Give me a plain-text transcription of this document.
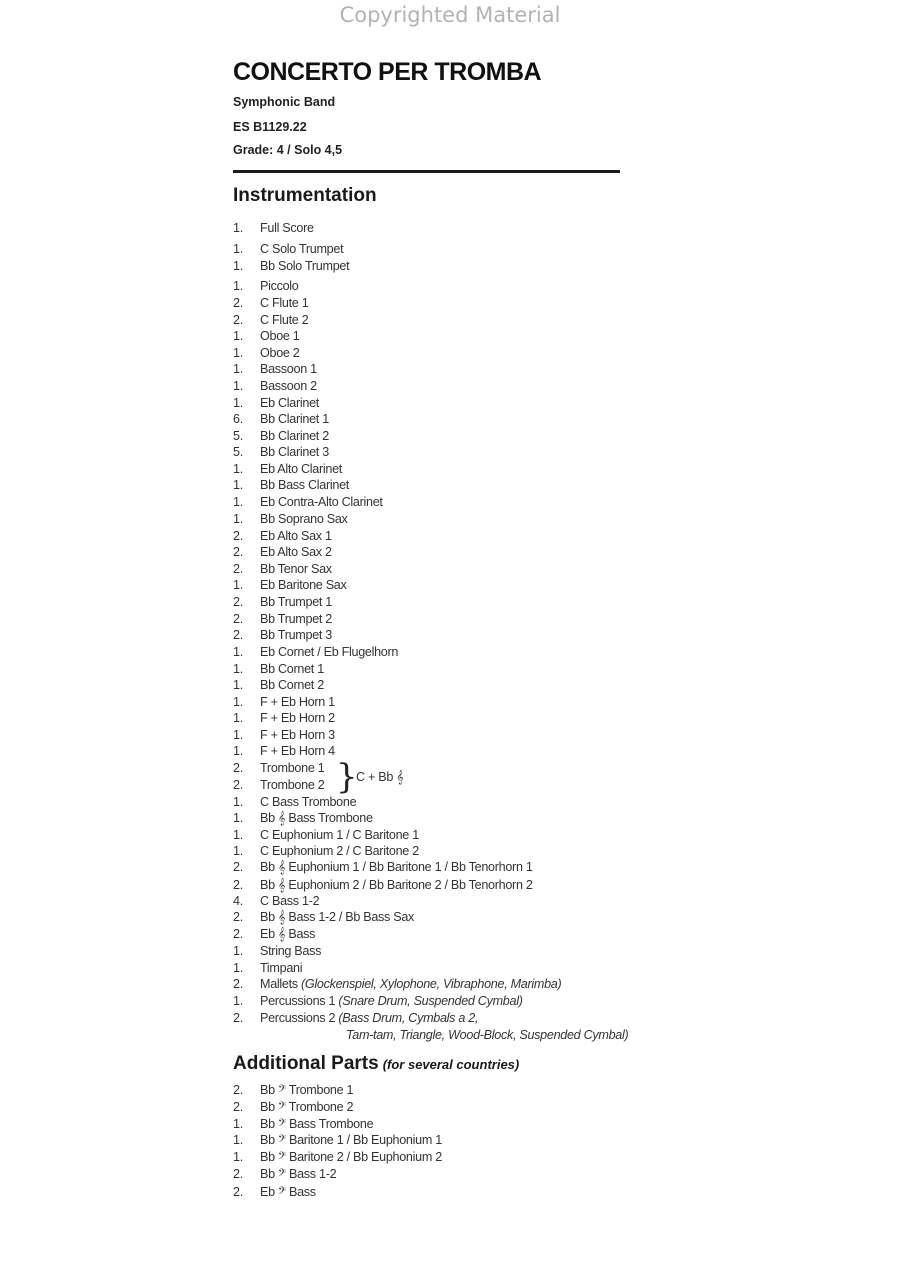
Copyrighted Material
CONCERTO PER TROMBA
Symphonic Band
ES B1129.22
Grade: 4 / Solo 4,5
Instrumentation
1.	Full Score
1.	C Solo Trumpet
1.	Bb Solo Trumpet
1.	Piccolo
2.	C Flute 1
2.	C Flute 2
1.	Oboe 1
1.	Oboe 2
1.	Bassoon 1
1.	Bassoon 2
1.	Eb Clarinet
6.	Bb Clarinet 1
5.	Bb Clarinet 2
5.	Bb Clarinet 3
1.	Eb Alto Clarinet
1.	Bb Bass Clarinet
1.	Eb Contra-Alto Clarinet
1.	Bb Soprano Sax
2.	Eb Alto Sax 1
2.	Eb Alto Sax 2
2.	Bb Tenor Sax
1.	Eb Baritone Sax
2.	Bb Trumpet 1
2.	Bb Trumpet 2
2.	Bb Trumpet 3
1.	Eb Cornet / Eb Flugelhorn
1.	Bb Cornet 1
1.	Bb Cornet 2
1.	F + Eb Horn 1
1.	F + Eb Horn 2
1.	F + Eb Horn 3
1.	F + Eb Horn 4
2.	Trombone 1
2.	Trombone 2
1.	C Bass Trombone
1.	Bb 𝄞 Bass Trombone
1.	C Euphonium 1 / C Baritone 1
1.	C Euphonium 2 / C Baritone 2
2.	Bb 𝄞 Euphonium 1 / Bb Baritone 1 / Bb Tenorhorn 1
2.	Bb 𝄞 Euphonium 2 / Bb Baritone 2 / Bb Tenorhorn 2
4.	C Bass 1-2
2.	Bb 𝄞 Bass 1-2 / Bb Bass Sax
2.	Eb 𝄞 Bass
1.	String Bass
1.	Timpani
2.	Mallets (Glockenspiel, Xylophone, Vibraphone, Marimba)
1.	Percussions 1 (Snare Drum, Suspended Cymbal)
2.	Percussions 2 (Bass Drum, Cymbals a 2,
Tam-tam, Triangle, Wood-Block, Suspended Cymbal)
}
C + Bb 𝄞
Additional Parts (for several countries)
2.	Bb 𝄢 Trombone 1
2.	Bb 𝄢 Trombone 2
1.	Bb 𝄢 Bass Trombone
1.	Bb 𝄢 Baritone 1 / Bb Euphonium 1
1.	Bb 𝄢 Baritone 2 / Bb Euphonium 2
2.	Bb 𝄢 Bass 1-2
2.	Eb 𝄢 Bass
